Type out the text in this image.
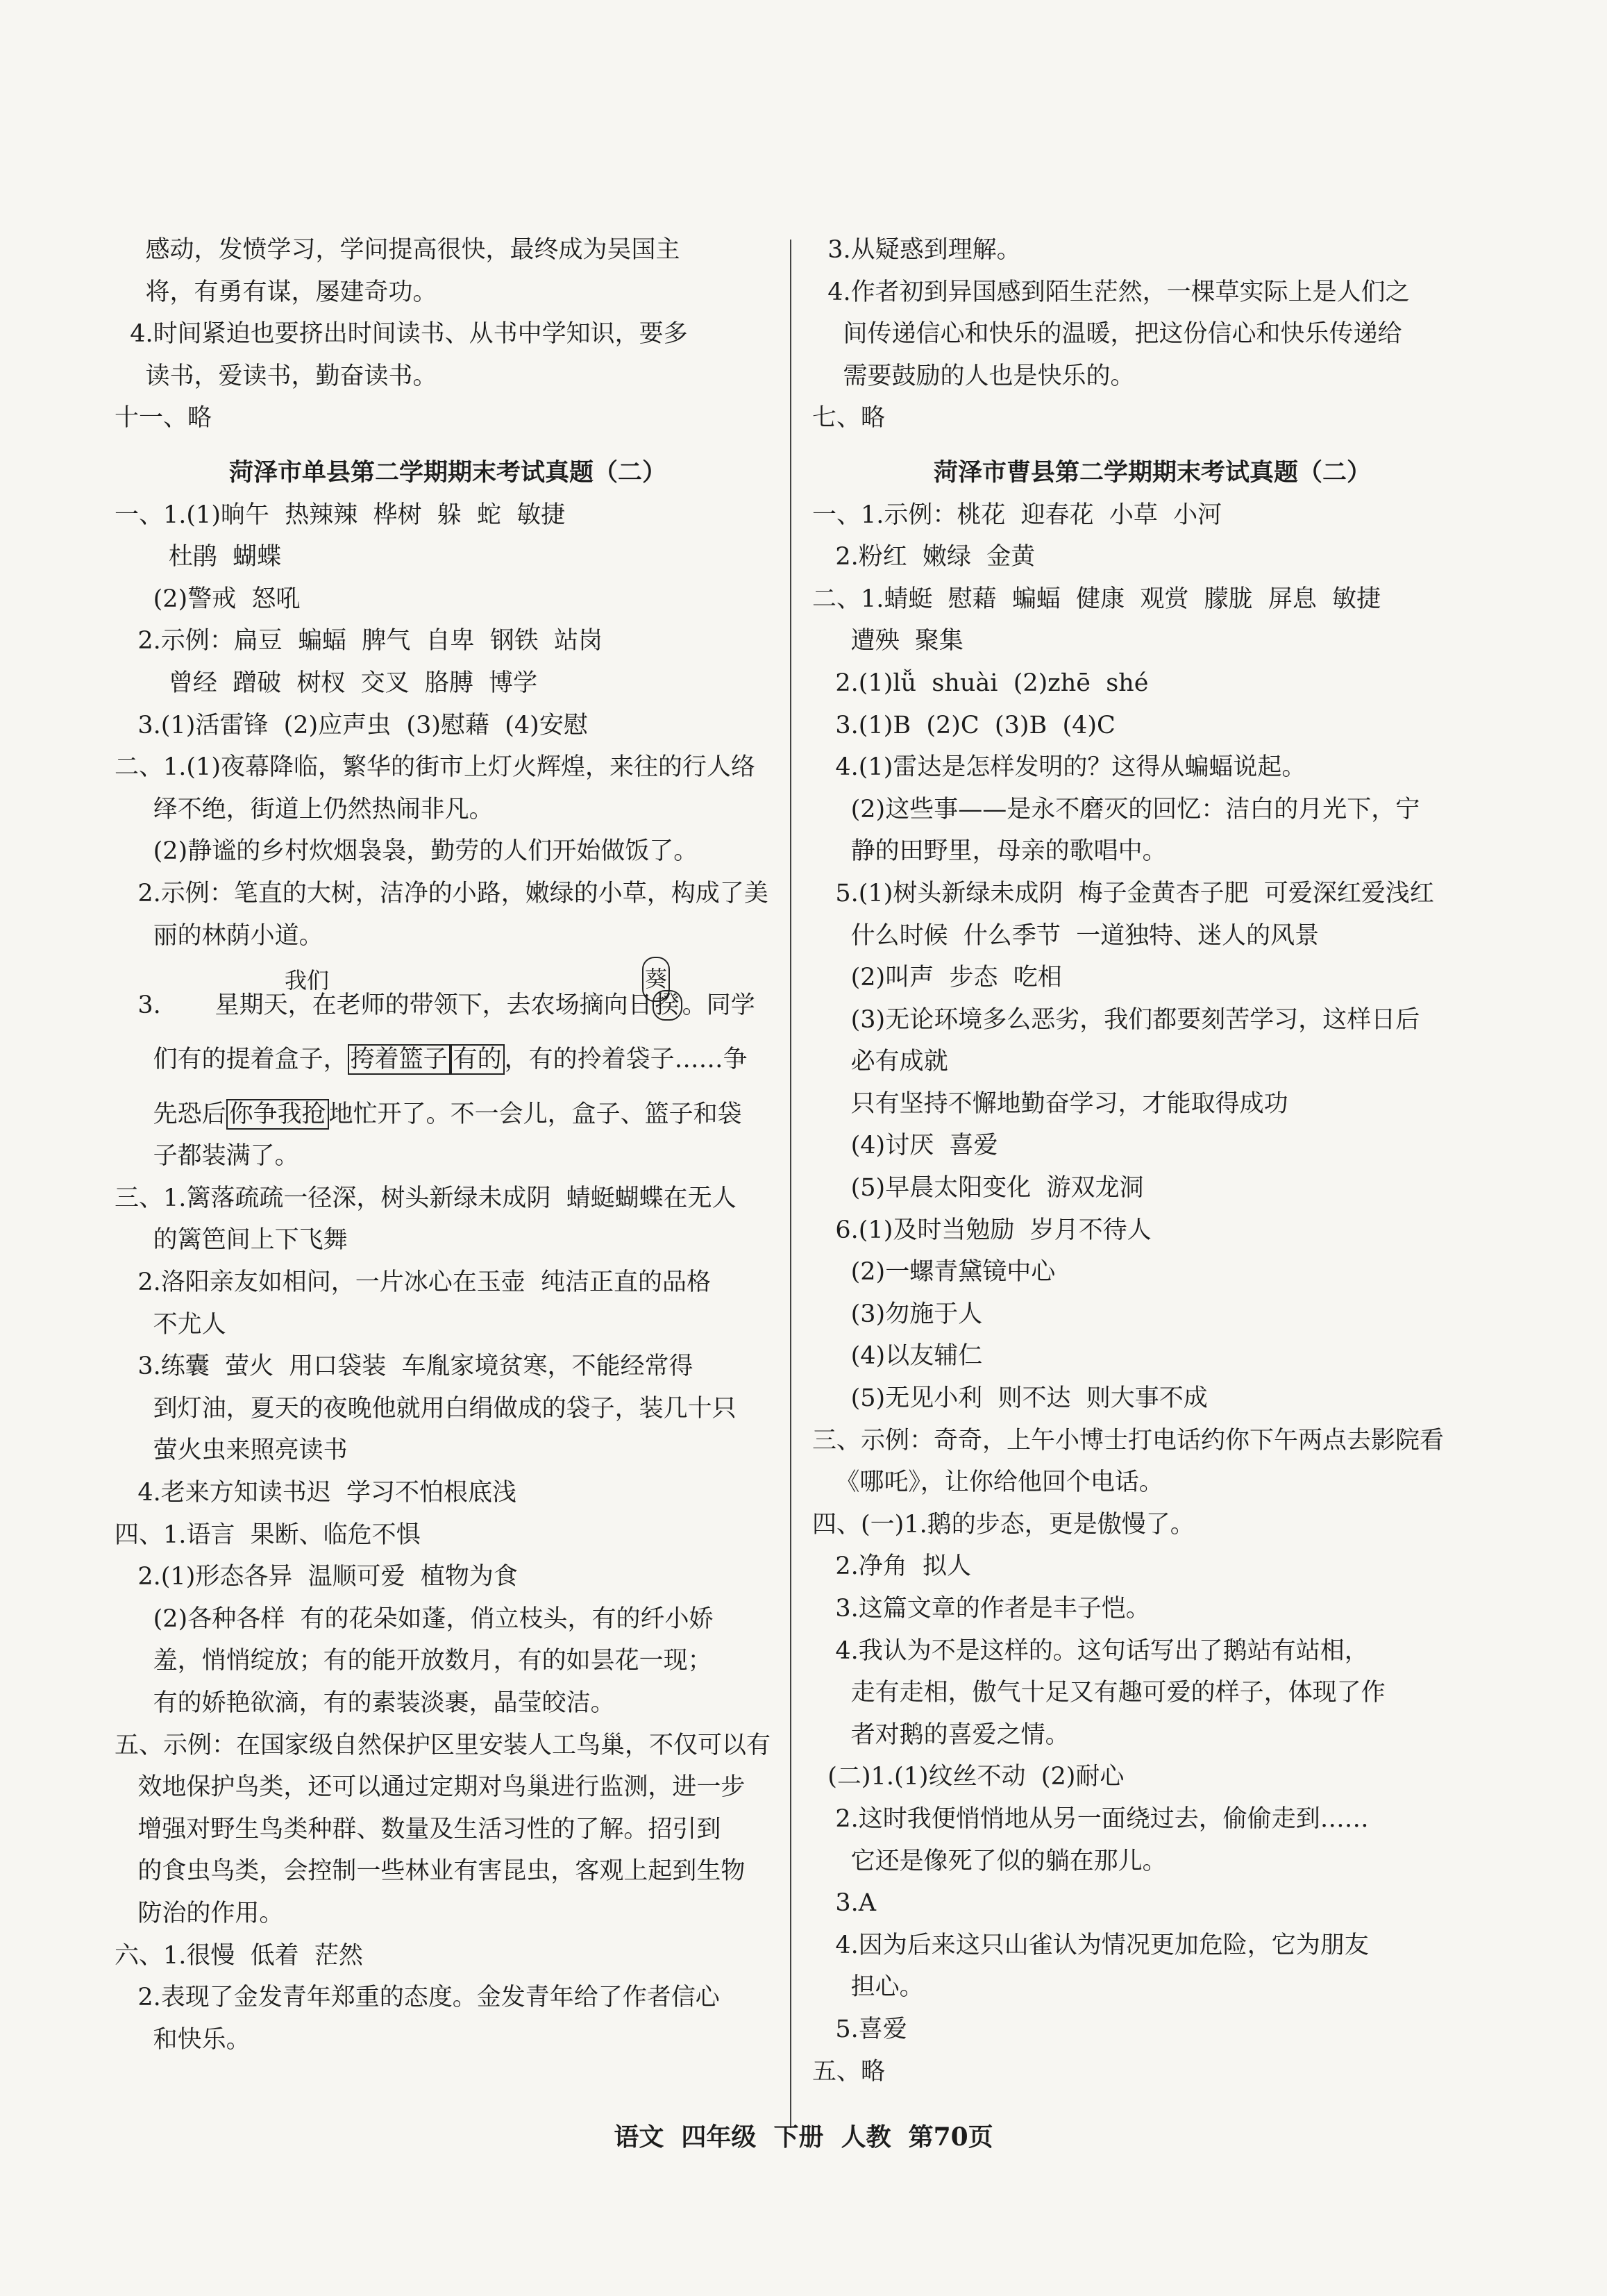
感动，发愤学习，学问提高很快，最终成为吴国主
将，有勇有谋，屡建奇功。
4.时间紧迫也要挤出时间读书、从书中学知识，要多
读书，爱读书，勤奋读书。
十一、略
菏泽市单县第二学期期末考试真题（二）
一、1.(1)晌午  热辣辣  桦树  躲  蛇  敏捷
杜鹃  蝴蝶
(2)警戒  怒吼
2.示例：扁豆  蝙蝠  脾气  自卑  钢铁  站岗
曾经  蹭破  树杈  交叉  胳膊  博学
3.(1)活雷锋  (2)应声虫  (3)慰藉  (4)安慰
二、1.(1)夜幕降临，繁华的街市上灯火辉煌，来往的行人络
绎不绝，街道上仍然热闹非凡。
(2)静谧的乡村炊烟袅袅，勤劳的人们开始做饭了。
2.示例：笔直的大树，洁净的小路，嫩绿的小草，构成了美
丽的林荫小道。
我们	葵
3.       星期天，在老师的带领下，去农场摘向日 揆 。同学
们有的提着盒子， 挎着篮子 有的 ，有的拎着袋子……争
先恐后 你争我抢 地忙开了。不一会儿，盒子、篮子和袋
子都装满了。
三、1.篱落疏疏一径深，树头新绿未成阴  蜻蜓蝴蝶在无人
的篱笆间上下飞舞
2.洛阳亲友如相问，一片冰心在玉壶  纯洁正直的品格
不尤人
3.练囊  萤火  用口袋装  车胤家境贫寒，不能经常得
到灯油，夏天的夜晚他就用白绢做成的袋子，装几十只
萤火虫来照亮读书
4.老来方知读书迟  学习不怕根底浅
四、1.语言  果断、临危不惧
2.(1)形态各异  温顺可爱  植物为食
(2)各种各样  有的花朵如蓬，俏立枝头，有的纤小娇
羞，悄悄绽放；有的能开放数月，有的如昙花一现；
有的娇艳欲滴，有的素装淡裹，晶莹皎洁。
五、示例：在国家级自然保护区里安装人工鸟巢，不仅可以有
效地保护鸟类，还可以通过定期对鸟巢进行监测，进一步
增强对野生鸟类种群、数量及生活习性的了解。招引到
的食虫鸟类，会控制一些林业有害昆虫，客观上起到生物
防治的作用。
六、1.很慢  低着  茫然
2.表现了金发青年郑重的态度。金发青年给了作者信心
和快乐。
3.从疑惑到理解。
4.作者初到异国感到陌生茫然，一棵草实际上是人们之
间传递信心和快乐的温暖，把这份信心和快乐传递给
需要鼓励的人也是快乐的。
七、略
菏泽市曹县第二学期期末考试真题（二）
一、1.示例：桃花  迎春花  小草  小河
2.粉红  嫩绿  金黄
二、1.蜻蜓  慰藉  蝙蝠  健康  观赏  朦胧  屏息  敏捷
遭殃  聚集
2.(1)lǚ  shuài  (2)zhē  shé
3.(1)B  (2)C  (3)B  (4)C
4.(1)雷达是怎样发明的？这得从蝙蝠说起。
(2)这些事——是永不磨灭的回忆：洁白的月光下，宁
静的田野里，母亲的歌唱中。
5.(1)树头新绿未成阴  梅子金黄杏子肥  可爱深红爱浅红
什么时候  什么季节  一道独特、迷人的风景
(2)叫声  步态  吃相
(3)无论环境多么恶劣，我们都要刻苦学习，这样日后
必有成就
只有坚持不懈地勤奋学习，才能取得成功
(4)讨厌  喜爱
(5)早晨太阳变化  游双龙洞
6.(1)及时当勉励  岁月不待人
(2)一螺青黛镜中心
(3)勿施于人
(4)以友辅仁
(5)无见小利  则不达  则大事不成
三、示例：奇奇，上午小博士打电话约你下午两点去影院看
《哪吒》，让你给他回个电话。
四、(一)1.鹅的步态，更是傲慢了。
2.净角  拟人
3.这篇文章的作者是丰子恺。
4.我认为不是这样的。这句话写出了鹅站有站相，
走有走相，傲气十足又有趣可爱的样子，体现了作
者对鹅的喜爱之情。
(二)1.(1)纹丝不动  (2)耐心
2.这时我便悄悄地从另一面绕过去，偷偷走到……
它还是像死了似的躺在那儿。
3.A
4.因为后来这只山雀认为情况更加危险，它为朋友
担心。
5.喜爱
五、略
语文  四年级  下册  人教  第70页
